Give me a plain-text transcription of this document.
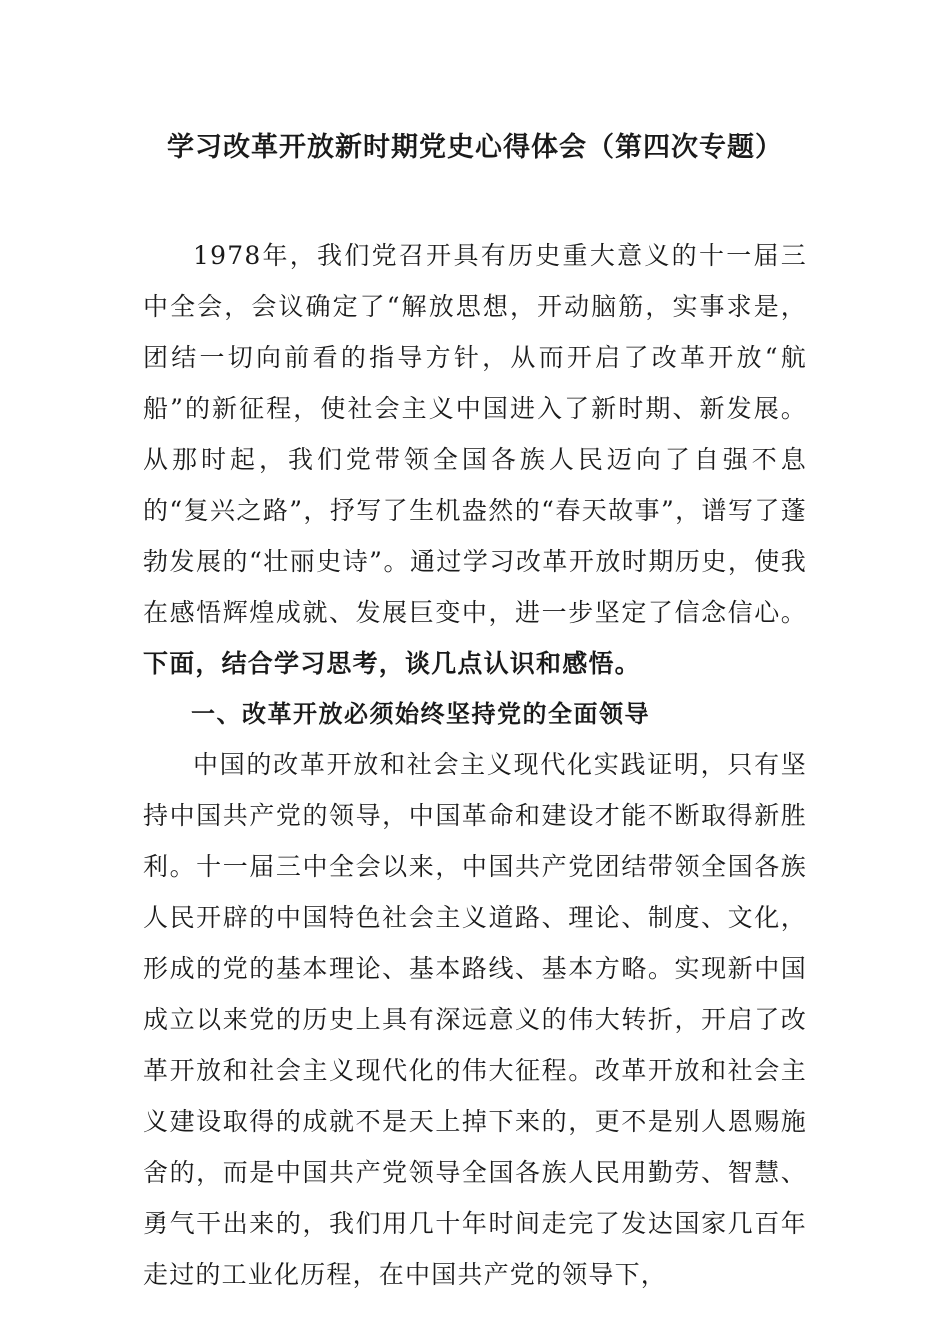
学习改革开放新时期党史心得体会（第四次专题）

1978年，我们党召开具有历史重大意义的十一届三中全会，会议确定了“解放思想，开动脑筋，实事求是，团结一切向前看的指导方针，从而开启了改革开放“航船”的新征程，使社会主义中国进入了新时期、新发展。从那时起，我们党带领全国各族人民迈向了自强不息的“复兴之路”，抒写了生机盎然的“春天故事”，谱写了蓬勃发展的“壮丽史诗”。通过学习改革开放时期历史，使我在感悟辉煌成就、发展巨变中，进一步坚定了信念信心。下面，结合学习思考，谈几点认识和感悟。

一、改革开放必须始终坚持党的全面领导

中国的改革开放和社会主义现代化实践证明，只有坚持中国共产党的领导，中国革命和建设才能不断取得新胜利。十一届三中全会以来，中国共产党团结带领全国各族人民开辟的中国特色社会主义道路、理论、制度、文化，形成的党的基本理论、基本路线、基本方略。实现新中国成立以来党的历史上具有深远意义的伟大转折，开启了改革开放和社会主义现代化的伟大征程。改革开放和社会主义建设取得的成就不是天上掉下来的，更不是别人恩赐施舍的，而是中国共产党领导全国各族人民用勤劳、智慧、勇气干出来的，我们用几十年时间走完了发达国家几百年走过的工业化历程，在中国共产党的领导下，
